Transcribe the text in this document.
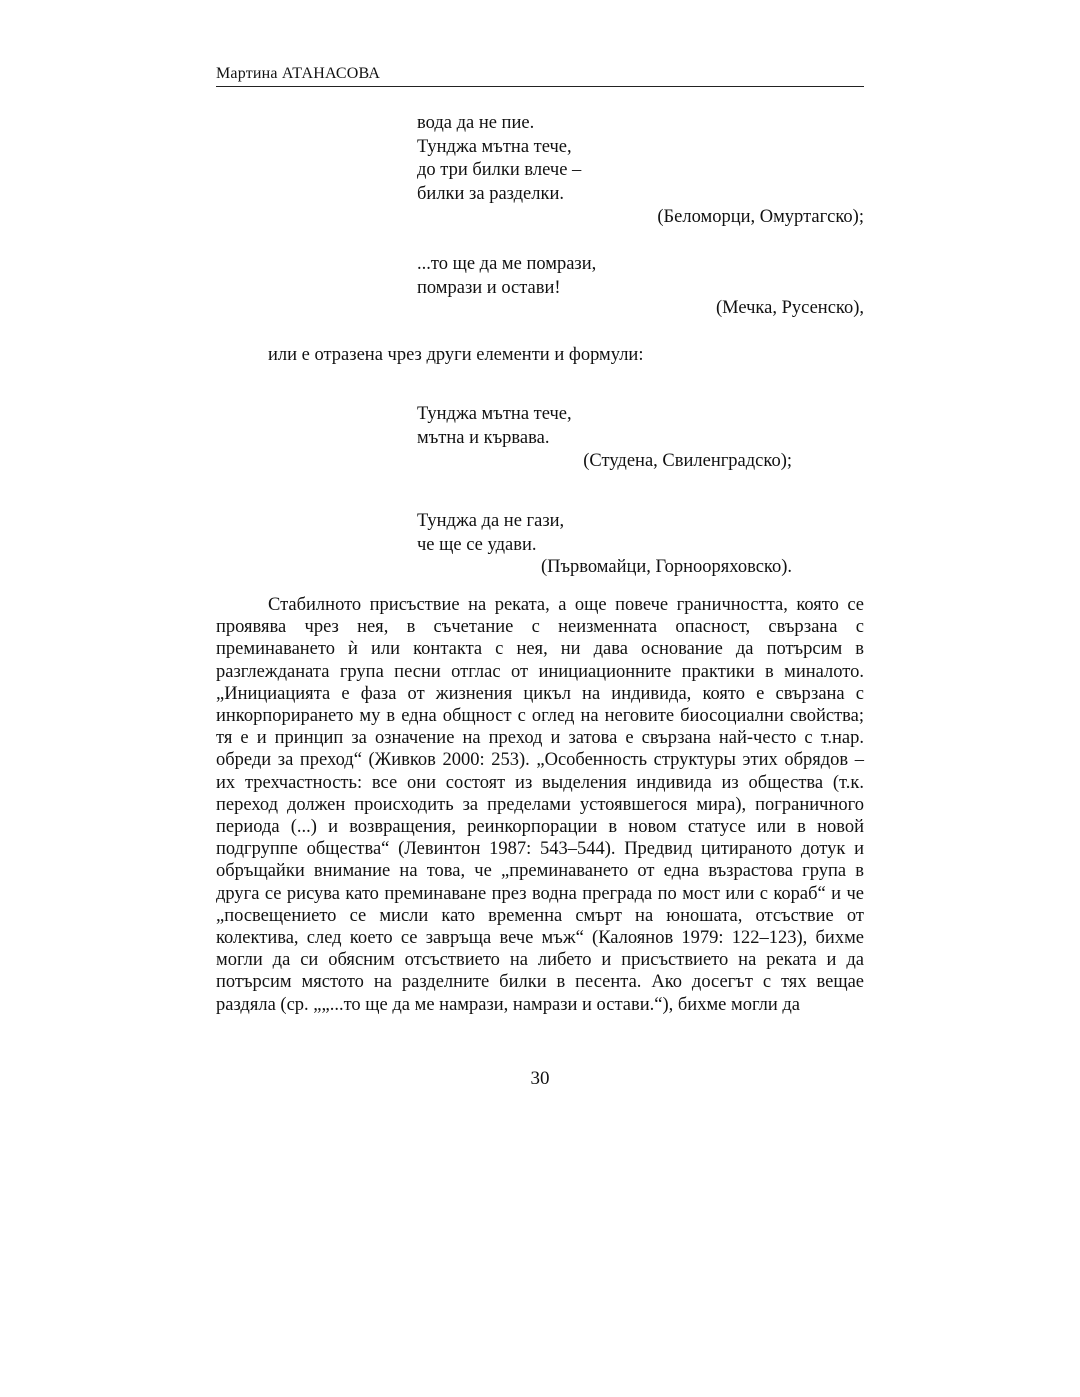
Мартина АТАНАСОВА
вода да не пие.
Тунджа мътна тече,
до три билки влече –
билки за разделки.
(Беломорци, Омуртагско);
...то ще да ме помрази,
помрази и остави!
(Мечка, Русенско),
или е отразена чрез други елементи и формули:
Тунджа мътна тече,
мътна и кървава.
(Студена, Свиленградско);
Тунджа да не гази,
че ще се удави.
(Първомайци, Горнооряховско).

Стабилното присъствие на реката, а още повече граничността, която се проявява чрез нея, в съчетание с неизменната опасност, свързана с преминаването ѝ или контакта с нея, ни дава основание да потърсим в разглежданата група песни отглас от инициационните практики в миналото. „Инициацията е фаза от жизнения цикъл на индивида, която е свързана с инкорпорирането му в една общност с оглед на неговите биосоциални свойства; тя е и принцип за означение на преход и затова е свързана най-често с т.нар. обреди за преход“ (Живков 2000: 253). „Особенность структуры этих обрядов – их трехчастность: все они состоят из выделения индивида из общества (т.к. переход должен происходить за пределами устоявшегося мира), пограничного периода (...) и возвращения, реинкорпорации в новом статусе или в новой подгруппе общества“ (Левинтон 1987: 543–544). Предвид цитираното дотук и обръщайки внимание на това, че „преминаването от една възрастова група в друга се рисува като преминаване през водна преграда по мост или с кораб“ и че „посвещението се мисли като временна смърт на юношата, отсъствие от колектива, след което се завръща вече мъж“ (Калоянов 1979: 122–123), бихме могли да си обясним отсъствието на либето и присъствието на реката и да потърсим мястото на разделните билки в песента. Ако досегът с тях вещае раздяла (ср. „„...то ще да ме намрази, намрази и остави.“), бихме могли да

30
